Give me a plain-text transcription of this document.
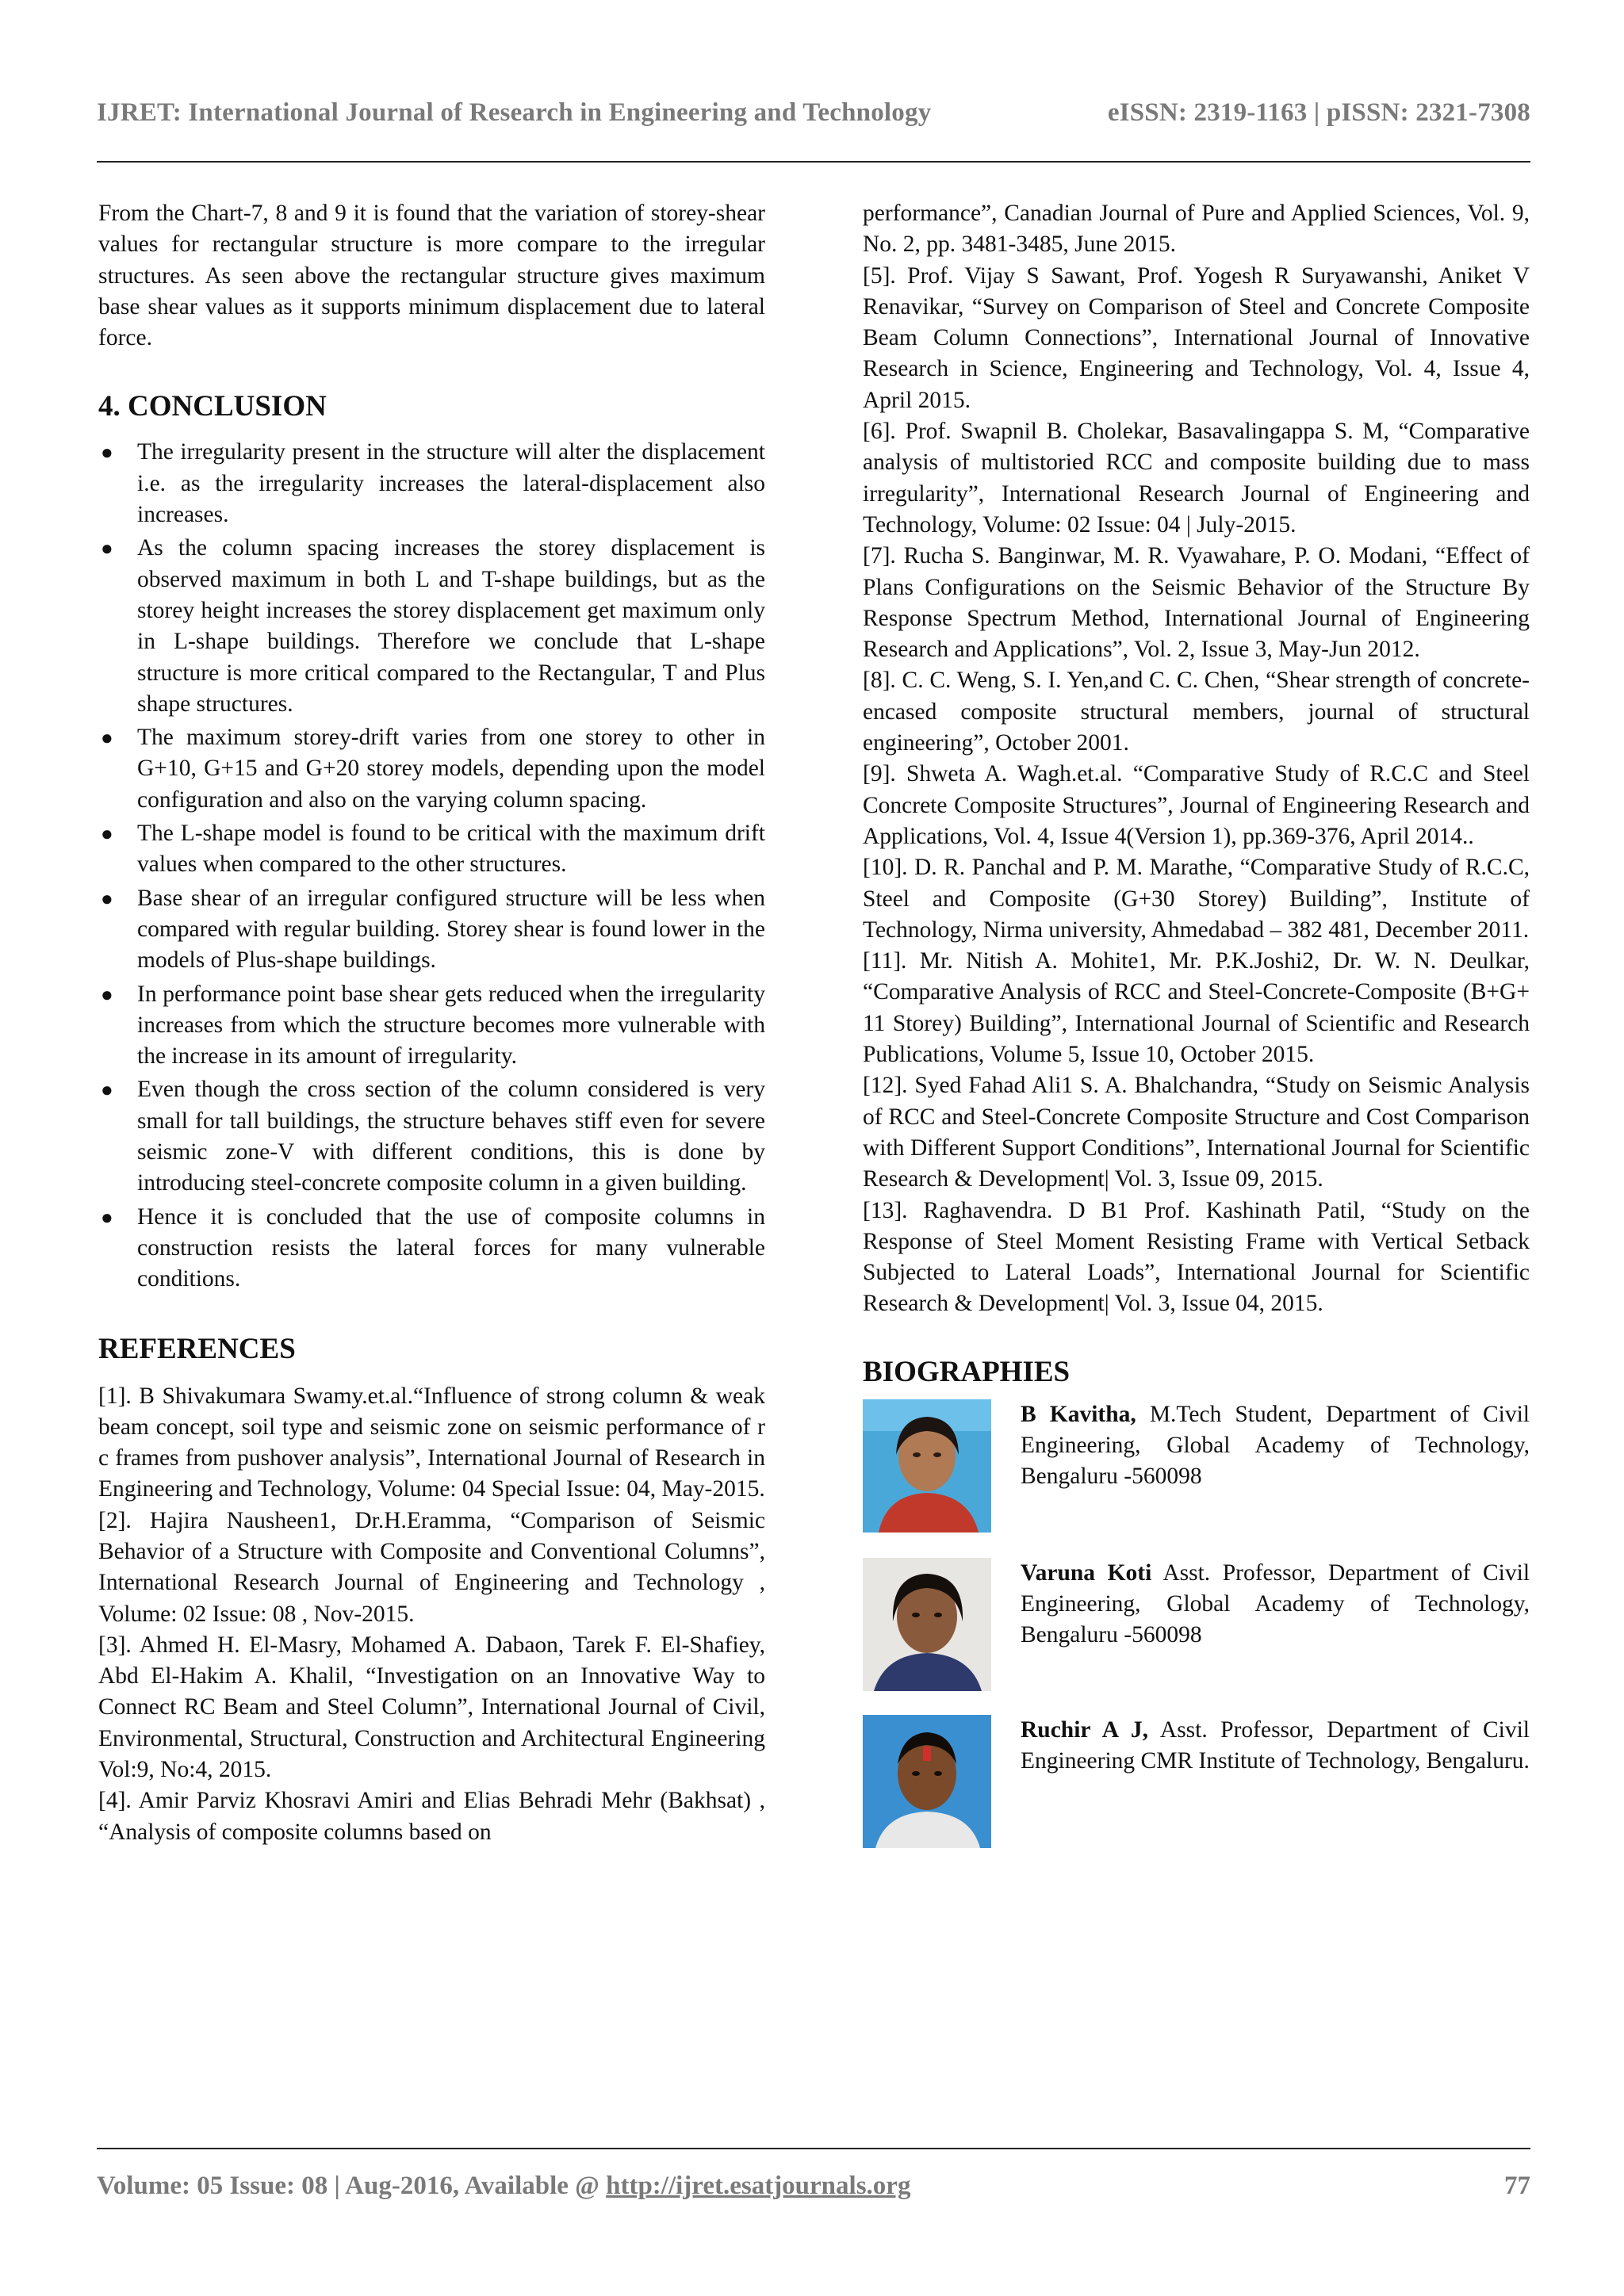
IJRET: International Journal of Research in Engineering and Technology	eISSN: 2319-1163 | pISSN: 2321-7308

From the Chart-7, 8 and 9 it is found that the variation of storey-shear values for rectangular structure is more compare to the irregular structures. As seen above the rectangular structure gives maximum base shear values as it supports minimum displacement due to lateral force.

4. CONCLUSION
● The irregularity present in the structure will alter the displacement i.e. as the irregularity increases the lateral-displacement also increases.
● As the column spacing increases the storey displacement is observed maximum in both L and T-shape buildings, but as the storey height increases the storey displacement get maximum only in L-shape buildings. Therefore we conclude that L-shape structure is more critical compared to the Rectangular, T and Plus shape structures.
● The maximum storey-drift varies from one storey to other in G+10, G+15 and G+20 storey models, depending upon the model configuration and also on the varying column spacing.
● The L-shape model is found to be critical with the maximum drift values when compared to the other structures.
● Base shear of an irregular configured structure will be less when compared with regular building. Storey shear is found lower in the models of Plus-shape buildings.
● In performance point base shear gets reduced when the irregularity increases from which the structure becomes more vulnerable with the increase in its amount of irregularity.
● Even though the cross section of the column considered is very small for tall buildings, the structure behaves stiff even for severe seismic zone-V with different conditions, this is done by introducing steel-concrete composite column in a given building.
● Hence it is concluded that the use of composite columns in construction resists the lateral forces for many vulnerable conditions.
REFERENCES

[1]. B Shivakumara Swamy.et.al.“Influence of strong column & weak beam concept, soil type and seismic zone on seismic performance of r c frames from pushover analysis”, International Journal of Research in Engineering and Technology, Volume: 04 Special Issue: 04, May-2015.

[2]. Hajira Nausheen1, Dr.H.Eramma, “Comparison of Seismic Behavior of a Structure with Composite and Conventional Columns”, International Research Journal of Engineering and Technology , Volume: 02 Issue: 08 , Nov-2015.

[3]. Ahmed H. El-Masry, Mohamed A. Dabaon, Tarek F. El-Shafiey, Abd El-Hakim A. Khalil, “Investigation on an Innovative Way to Connect RC Beam and Steel Column”, International Journal of Civil, Environmental, Structural, Construction and Architectural Engineering Vol:9, No:4, 2015.

[4]. Amir Parviz Khosravi Amiri and Elias Behradi Mehr (Bakhsat) , “Analysis of composite columns based on

performance”, Canadian Journal of Pure and Applied Sciences, Vol. 9, No. 2, pp. 3481-3485, June 2015.

[5]. Prof. Vijay S Sawant, Prof. Yogesh R Suryawanshi, Aniket V Renavikar, “Survey on Comparison of Steel and Concrete Composite Beam Column Connections”, International Journal of Innovative Research in Science, Engineering and Technology, Vol. 4, Issue 4, April 2015.

[6]. Prof. Swapnil B. Cholekar, Basavalingappa S. M, “Comparative analysis of multistoried RCC and composite building due to mass irregularity”, International Research Journal of Engineering and Technology, Volume: 02 Issue: 04 | July-2015.

[7]. Rucha S. Banginwar, M. R. Vyawahare, P. O. Modani, “Effect of Plans Configurations on the Seismic Behavior of the Structure By Response Spectrum Method, International Journal of Engineering Research and Applications”, Vol. 2, Issue 3, May-Jun 2012.

[8]. C. C. Weng, S. I. Yen,and C. C. Chen, “Shear strength of concrete-encased composite structural members, journal of structural engineering”, October 2001.

[9]. Shweta A. Wagh.et.al. “Comparative Study of R.C.C and Steel Concrete Composite Structures”, Journal of Engineering Research and Applications, Vol. 4, Issue 4(Version 1), pp.369-376, April 2014..

[10]. D. R. Panchal and P. M. Marathe, “Comparative Study of R.C.C, Steel and Composite (G+30 Storey) Building”, Institute of Technology, Nirma university, Ahmedabad – 382 481, December 2011.

[11]. Mr. Nitish A. Mohite1, Mr. P.K.Joshi2, Dr. W. N. Deulkar, “Comparative Analysis of RCC and Steel-Concrete-Composite (B+G+ 11 Storey) Building”, International Journal of Scientific and Research Publications, Volume 5, Issue 10, October 2015.

[12]. Syed Fahad Ali1 S. A. Bhalchandra, “Study on Seismic Analysis of RCC and Steel-Concrete Composite Structure and Cost Comparison with Different Support Conditions”, International Journal for Scientific Research & Development| Vol. 3, Issue 09, 2015.

[13]. Raghavendra. D B1 Prof. Kashinath Patil, “Study on the Response of Steel Moment Resisting Frame with Vertical Setback Subjected to Lateral Loads”, International Journal for Scientific Research & Development| Vol. 3, Issue 04, 2015.

BIOGRAPHIES
B Kavitha, M.Tech Student, Department of Civil Engineering, Global Academy of Technology, Bengaluru -560098
Varuna Koti Asst. Professor, Department of Civil Engineering, Global Academy of Technology, Bengaluru -560098
Ruchir A J, Asst. Professor, Department of Civil Engineering CMR Institute of Technology, Bengaluru.
Volume: 05 Issue: 08 | Aug-2016, Available @ http://ijret.esatjournals.org	77
